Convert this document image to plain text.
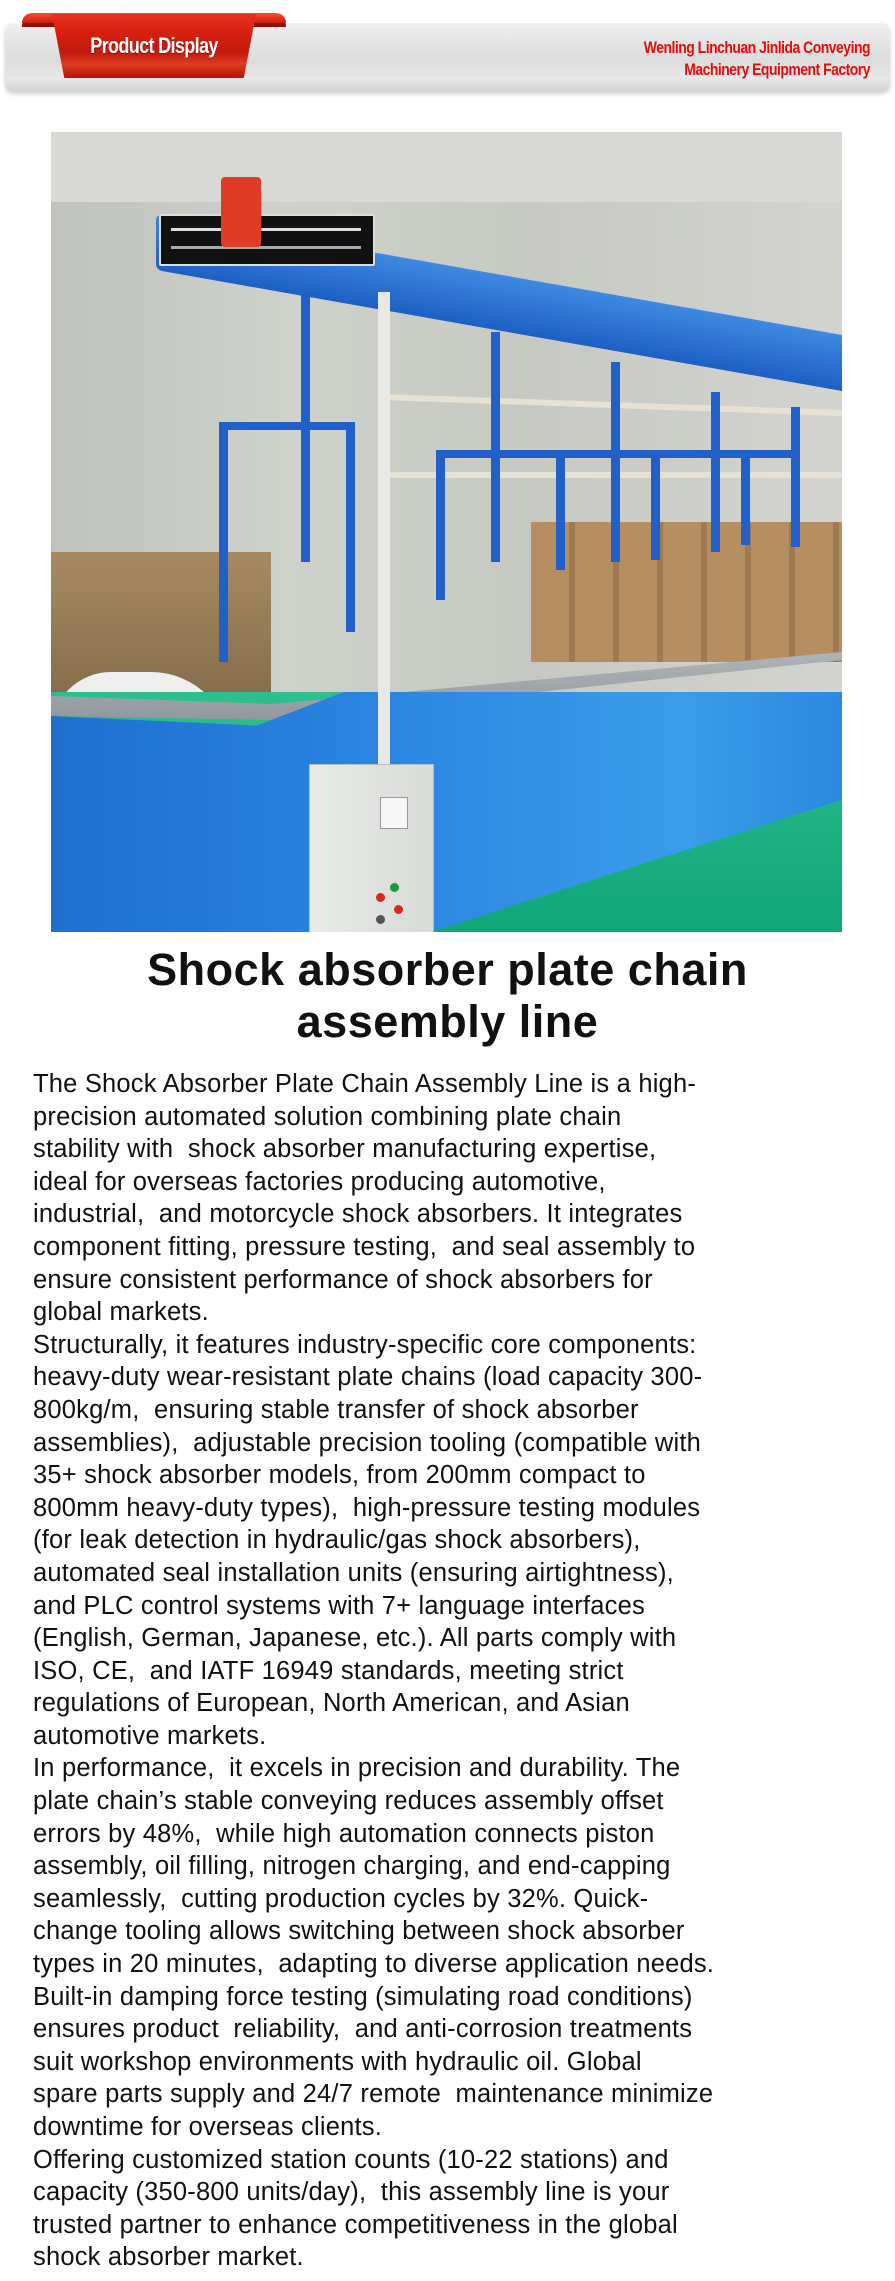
Product Display	Wenling Linchuan Jinlida Conveying
Machinery Equipment Factory
Shock absorber plate chain
assembly line
The Shock Absorber Plate Chain Assembly Line is a high-
precision automated solution combining plate chain
stability with  shock absorber manufacturing expertise,
ideal for overseas factories producing automotive,
industrial,  and motorcycle shock absorbers. It integrates
component fitting, pressure testing,  and seal assembly to
ensure consistent performance of shock absorbers for
global markets.
Structurally, it features industry-specific core components:
heavy-duty wear-resistant plate chains (load capacity 300-
800kg/m,  ensuring stable transfer of shock absorber
assemblies),  adjustable precision tooling (compatible with
35+ shock absorber models, from 200mm compact to
800mm heavy-duty types),  high-pressure testing modules
(for leak detection in hydraulic/gas shock absorbers),
automated seal installation units (ensuring airtightness),
and PLC control systems with 7+ language interfaces
(English, German, Japanese, etc.). All parts comply with
ISO, CE,  and IATF 16949 standards, meeting strict
regulations of European, North American, and Asian
automotive markets.
In performance,  it excels in precision and durability. The
plate chain’s stable conveying reduces assembly offset
errors by 48%,  while high automation connects piston
assembly, oil filling, nitrogen charging, and end-capping
seamlessly,  cutting production cycles by 32%. Quick-
change tooling allows switching between shock absorber
types in 20 minutes,  adapting to diverse application needs.
Built-in damping force testing (simulating road conditions)
ensures product  reliability,  and anti-corrosion treatments
suit workshop environments with hydraulic oil. Global
spare parts supply and 24/7 remote  maintenance minimize
downtime for overseas clients.
Offering customized station counts (10-22 stations) and
capacity (350-800 units/day),  this assembly line is your
trusted partner to enhance competitiveness in the global
shock absorber market.
